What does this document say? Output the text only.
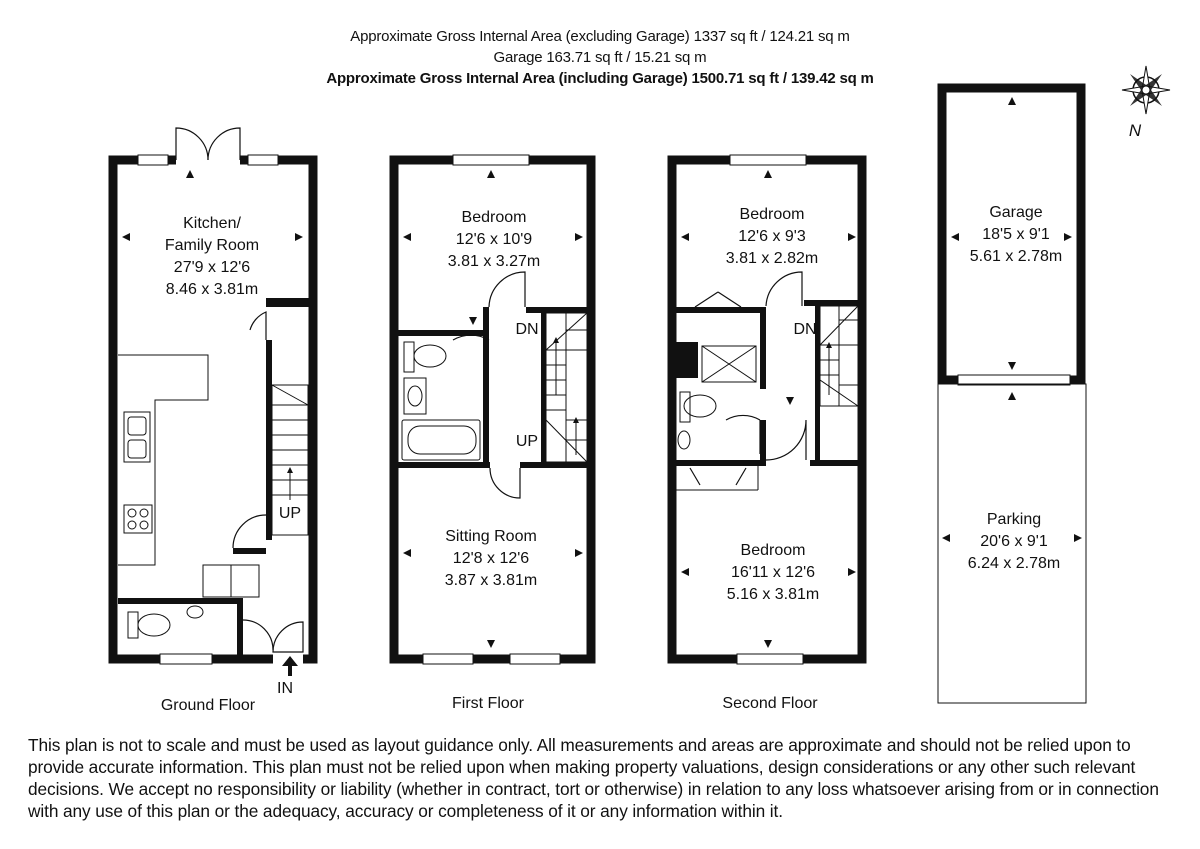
Approximate Gross Internal Area (excluding Garage) 1337 sq ft / 124.21 sq m
Garage 163.71 sq ft / 15.21 sq m
Approximate Gross Internal Area (including Garage) 1500.71 sq ft / 139.42 sq m
UP
Kitchen/
Family Room
27'9 x 12'6
8.46 x 3.81m
IN
Ground Floor
DN
UP
Bedroom
12'6 x 10'9
3.81 x 3.27m
Sitting Room
12'8 x 12'6
3.87 x 3.81m
First Floor
DN
Bedroom
12'6 x 9'3
3.81 x 2.82m
Bedroom
16'11 x 12'6
5.16 x 3.81m
Second Floor
Garage
18'5 x 9'1
5.61 x 2.78m
Parking
20'6 x 9'1
6.24 x 2.78m
N
This plan is not to scale and must be used as layout guidance only. All measurements and areas are approximate and should not be relied upon to provide accurate information. This plan must not be relied upon when making property valuations, design considerations or any other such relevant decisions. We accept no responsibility or liability (whether in contract, tort or otherwise) in relation to any loss whatsoever arising from or in connection with any use of this plan or the adequacy, accuracy or completeness of it or any information within it.
